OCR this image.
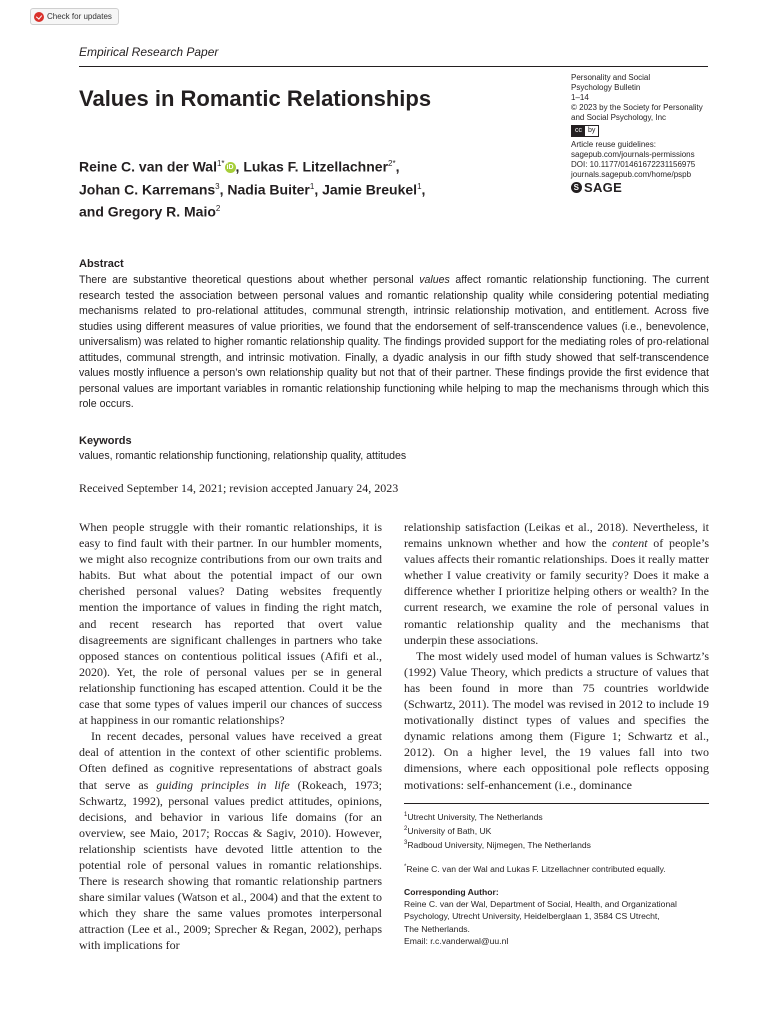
Check for updates
Empirical Research Paper
Personality and Social
Psychology Bulletin
1–14
© 2023 by the Society for Personality
and Social Psychology, Inc
cc by
Article reuse guidelines:
sagepub.com/journals-permissions
DOI: 10.1177/01461672231156975
journals.sagepub.com/home/pspb
S SAGE
Values in Romantic Relationships
Reine C. van der Wal$^{1*}$ iD , Lukas F. Litzellachner$^{2*}$,
Johan C. Karremans$^3$, Nadia Buiter$^1$, Jamie Breukel$^1$,
and Gregory R. Maio$^2$
Abstract
There are substantive theoretical questions about whether personal values affect romantic relationship functioning. The current research tested the association between personal values and romantic relationship quality while considering potential mediating mechanisms related to pro-relational attitudes, communal strength, intrinsic relationship motivation, and entitlement. Across five studies using different measures of value priorities, we found that the endorsement of self-transcendence values (i.e., benevolence, universalism) was related to higher romantic relationship quality. The findings provided support for the mediating roles of pro-relational attitudes, communal strength, and intrinsic motivation. Finally, a dyadic analysis in our fifth study showed that self-transcendence values mostly influence a person’s own relationship quality but not that of their partner. These findings provide the first evidence that personal values are important variables in romantic relationship functioning while helping to map the mechanisms through which this role occurs.
Keywords
values, romantic relationship functioning, relationship quality, attitudes
Received September 14, 2021; revision accepted January 24, 2023

When people struggle with their romantic relationships, it is easy to find fault with their partner. In our humbler moments, we might also recognize contributions from our own traits and habits. But what about the potential impact of our own cherished personal values? Dating websites frequently mention the importance of values in finding the right match, and recent research has reported that overt value disagreements are significant challenges in partners who take opposed stances on contentious political issues (Afifi et al., 2020). Yet, the role of personal values per se in general relationship functioning has escaped attention. Could it be the case that some types of values imperil our chances of success at happiness in our romantic relationships?

In recent decades, personal values have received a great deal of attention in the context of other scientific problems. Often defined as cognitive representations of abstract goals that serve as guiding principles in life (Rokeach, 1973; Schwartz, 1992), personal values predict attitudes, opinions, decisions, and behavior in various life domains (for an overview, see Maio, 2017; Roccas & Sagiv, 2010). However, relationship scientists have devoted little attention to the potential role of personal values in romantic relationships. There is research showing that romantic relationship partners share similar values (Watson et al., 2004) and that the extent to which they share the same values promotes interpersonal attraction (Lee et al., 2009; Sprecher & Regan, 2002), perhaps with implications for

relationship satisfaction (Leikas et al., 2018). Nevertheless, it remains unknown whether and how the content of people’s values affects their romantic relationships. Does it really matter whether I value creativity or family security? Does it make a difference whether I prioritize helping others or wealth? In the current research, we examine the role of personal values in romantic relationship quality and the mechanisms that underpin these associations.

The most widely used model of human values is Schwartz’s (1992) Value Theory, which predicts a structure of values that has been found in more than 75 countries worldwide (Schwartz, 2011). The model was revised in 2012 to include 19 motivationally distinct types of values and specifies the dynamic relations among them (Figure 1; Schwartz et al., 2012). On a higher level, the 19 values fall into two dimensions, where each oppositional pole reflects opposing motivations: self-enhancement (i.e., dominance

$^1$Utrecht University, The Netherlands
$^2$University of Bath, UK
$^3$Radboud University, Nijmegen, The Netherlands
*Reine C. van der Wal and Lukas F. Litzellachner contributed equally.
Corresponding Author:
Reine C. van der Wal, Department of Social, Health, and Organizational
Psychology, Utrecht University, Heidelberglaan 1, 3584 CS Utrecht,
The Netherlands.
Email: r.c.vanderwal@uu.nl
